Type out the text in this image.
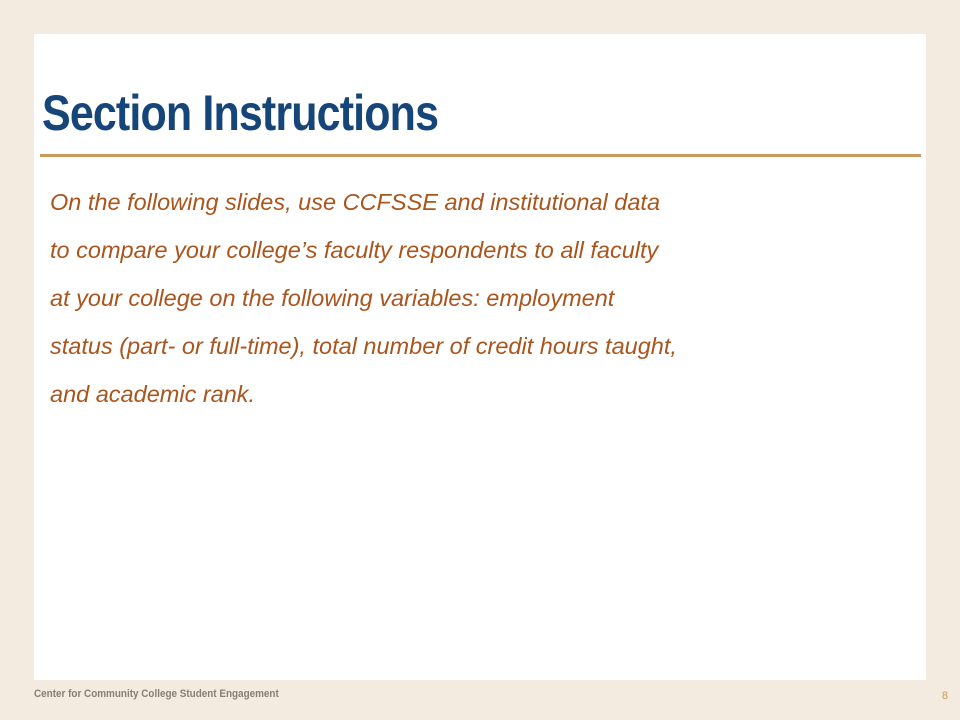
Section Instructions

On the following slides, use CCFSSE and institutional data
to compare your college’s faculty respondents to all faculty
at your college on the following variables: employment
status (part- or full-time), total number of credit hours taught,
and academic rank.

Center for Community College Student Engagement	8
